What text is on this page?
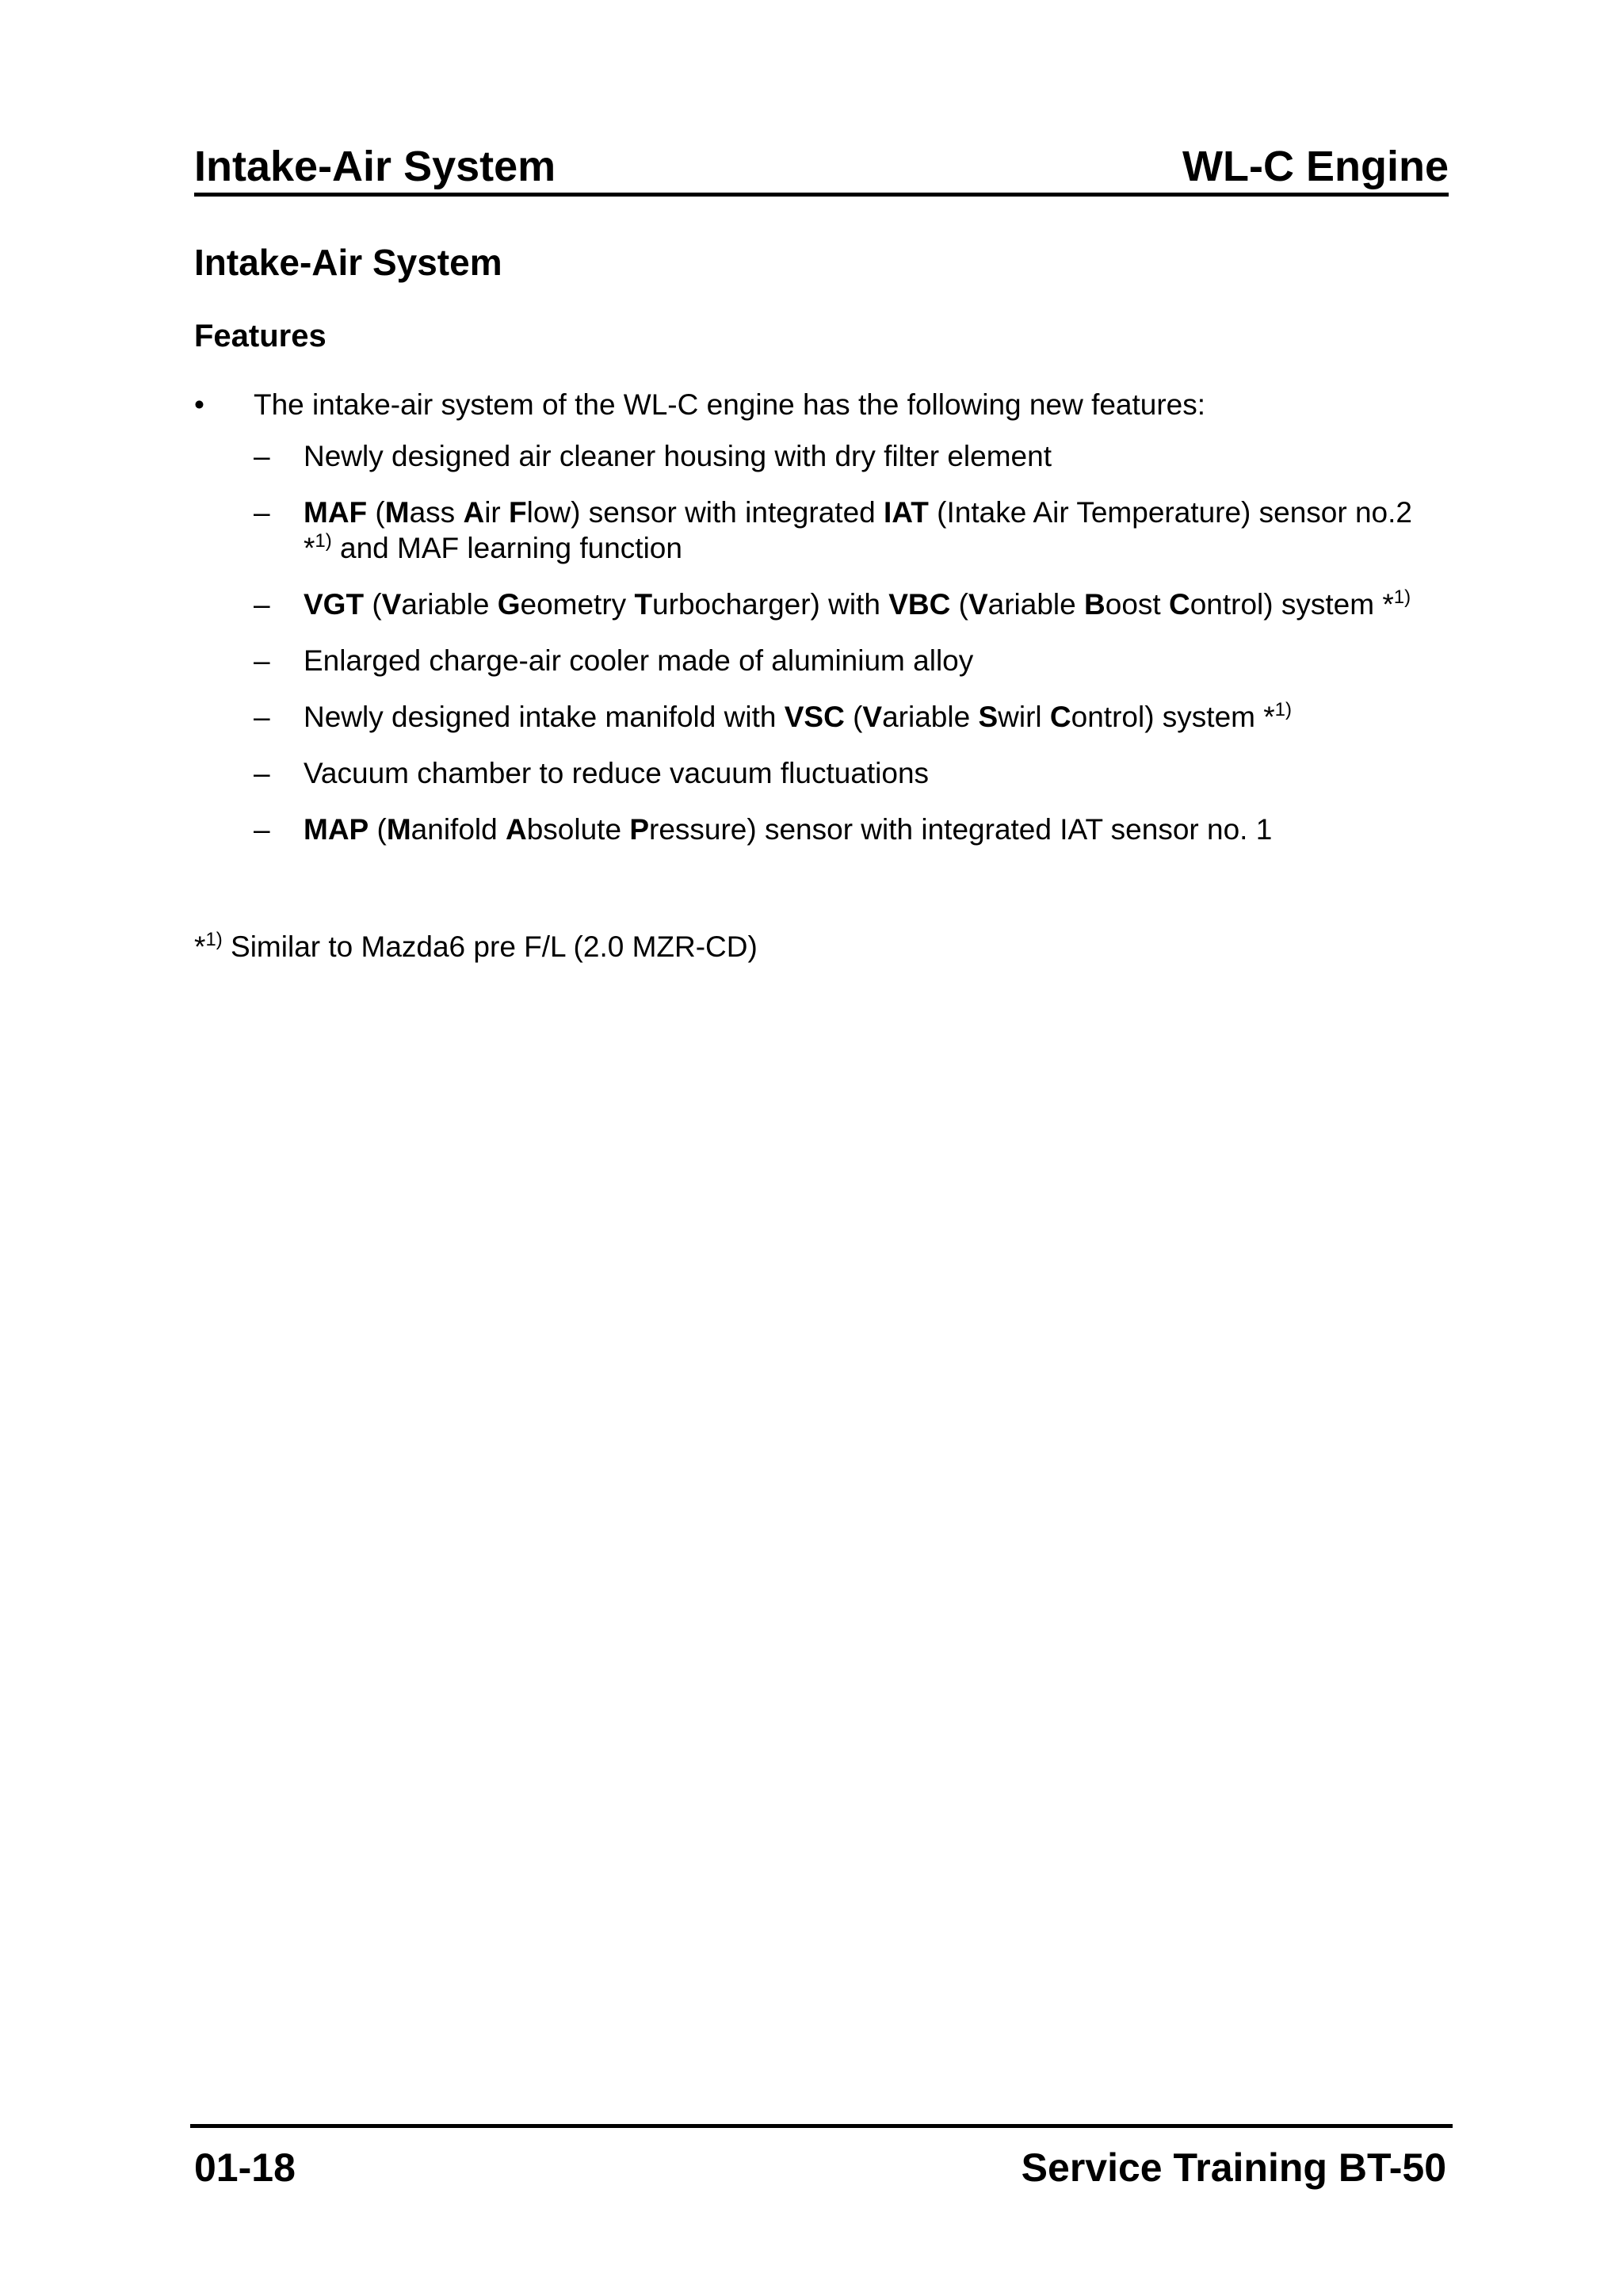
Intake-Air System	WL-C Engine
Intake-Air System
Features
•	The intake-air system of the WL-C engine has the following new features:
–	Newly designed air cleaner housing with dry filter element
–	MAF (Mass Air Flow) sensor with integrated IAT (Intake Air Temperature) sensor no.2 *$^{1)}$ and MAF learning function
–	VGT (Variable Geometry Turbocharger) with VBC (Variable Boost Control) system *$^{1)}$
–	Enlarged charge-air cooler made of aluminium alloy
–	Newly designed intake manifold with VSC (Variable Swirl Control) system *$^{1)}$
–	Vacuum chamber to reduce vacuum fluctuations
–	MAP (Manifold Absolute Pressure) sensor with integrated IAT sensor no. 1
*$^{1)}$ Similar to Mazda6 pre F/L (2.0 MZR-CD)
01-18	Service Training BT-50
